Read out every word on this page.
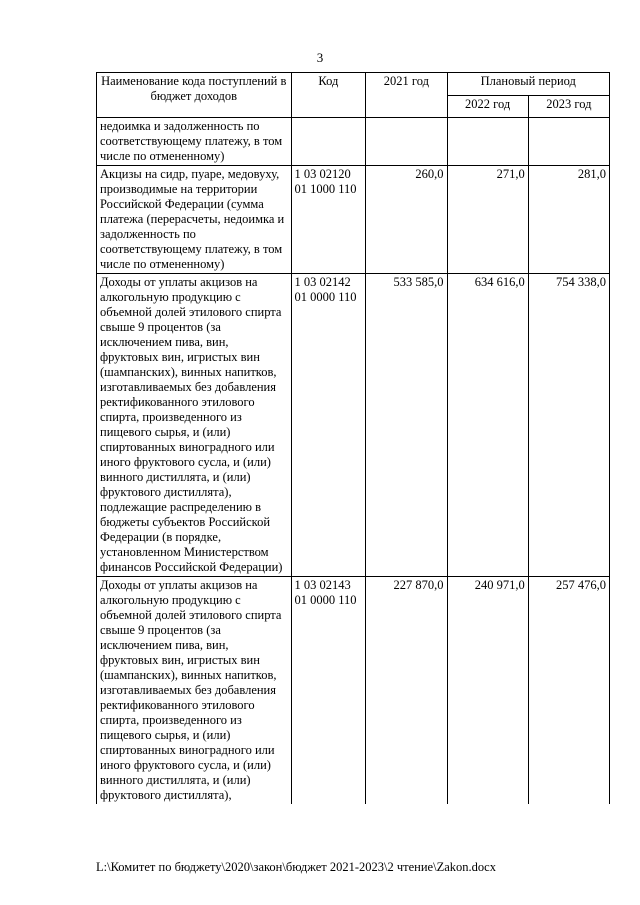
3
Наименование кода поступлений в бюджет доходов	Код	2021 год	Плановый период	
			2022 год	2023 год
недоимка и задолженность по соответствующему платежу, в том числе по отмененному)				
Акцизы на сидр, пуаре, медовуху, производимые на территории Российской Федерации (сумма платежа (перерасчеты, недоимка и задолженность по соответствующему платежу, в том числе по отмененному)	1 03 02120 01 1000 110	260,0	271,0	281,0
Доходы от уплаты акцизов на алкогольную продукцию с объемной долей этилового спирта свыше 9 процентов (за исключением пива, вин, фруктовых вин, игристых вин (шампанских), винных напитков, изготавливаемых без добавления ректификованного этилового спирта, произведенного из пищевого сырья, и (или) спиртованных виноградного или иного фруктового сусла, и (или) винного дистиллята, и (или) фруктового дистиллята), подлежащие распределению в бюджеты субъектов Российской Федерации (в порядке, установленном Министерством финансов Российской Федерации)	1 03 02142 01 0000 110	533 585,0	634 616,0	754 338,0
Доходы от уплаты акцизов на алкогольную продукцию с объемной долей этилового спирта свыше 9 процентов (за исключением пива, вин, фруктовых вин, игристых вин (шампанских), винных напитков, изготавливаемых без добавления ректификованного этилового спирта, произведенного из пищевого сырья, и (или) спиртованных виноградного или иного фруктового сусла, и (или) винного дистиллята, и (или) фруктового дистиллята),	1 03 02143 01 0000 110	227 870,0	240 971,0	257 476,0
L:\Комитет по бюджету\2020\закон\бюджет 2021-2023\2 чтение\Zakon.docx
